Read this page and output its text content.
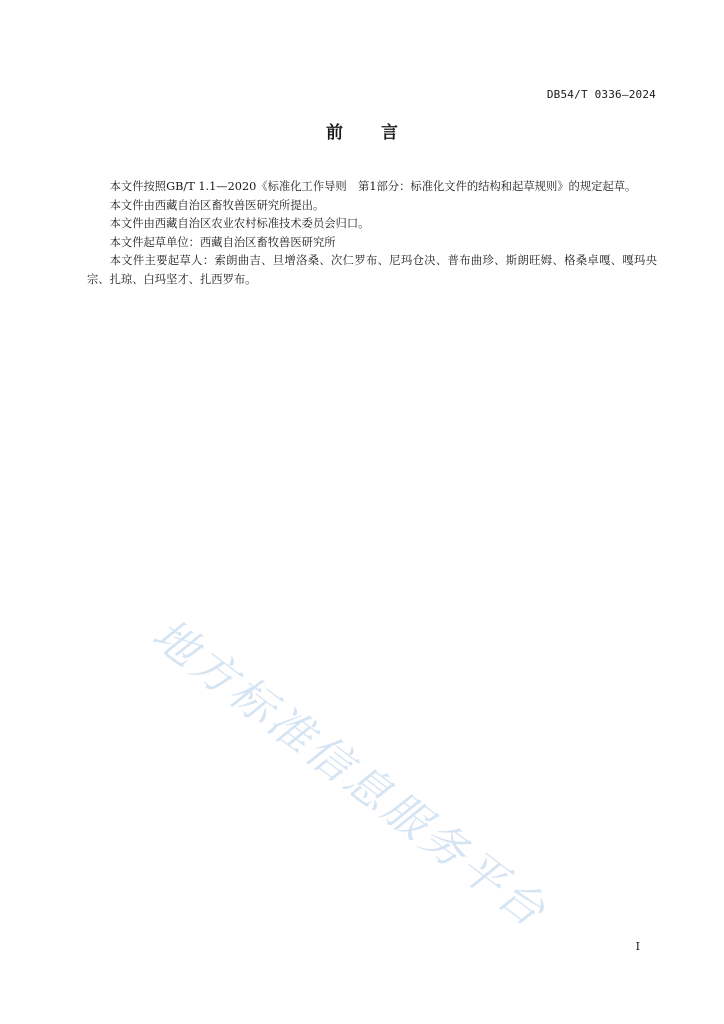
DB54/T 0336—2024
前 言

本文件按照GB/T 1.1—2020《标准化工作导则　第1部分：标准化文件的结构和起草规则》的规定起草。

本文件由西藏自治区畜牧兽医研究所提出。

本文件由西藏自治区农业农村标准技术委员会归口。

本文件起草单位：西藏自治区畜牧兽医研究所

本文件主要起草人：索朗曲吉、旦增洛桑、次仁罗布、尼玛仓决、普布曲珍、斯朗旺姆、格桑卓嘎、嘎玛央宗、扎琼、白玛坚才、扎西罗布。

地方标准信息服务平台
I
